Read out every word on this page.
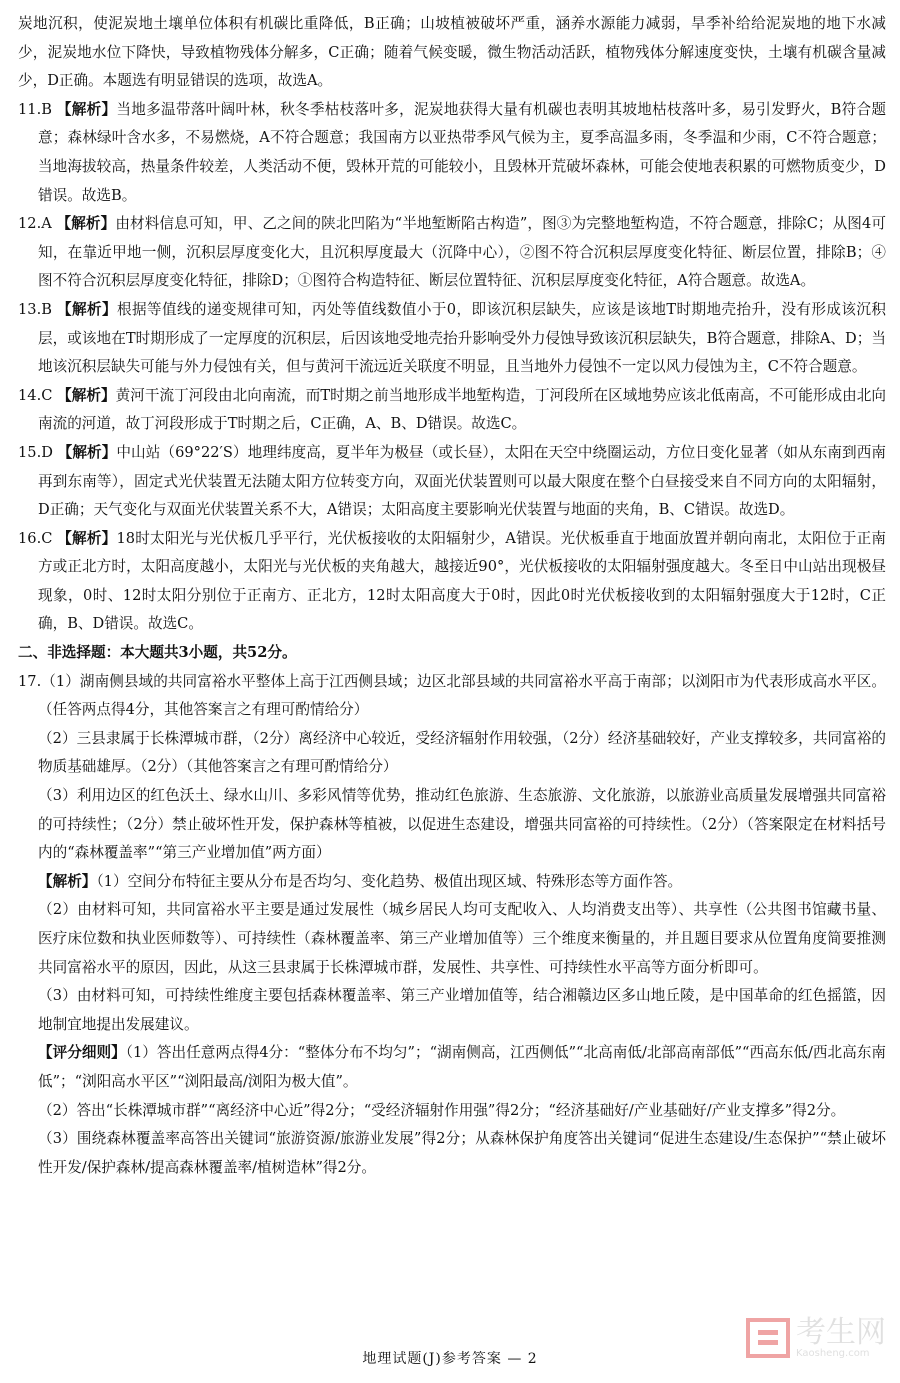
炭地沉积，使泥炭地土壤单位体积有机碳比重降低，B正确；山坡植被破坏严重，涵养水源能力减弱，旱季补给给泥炭地的地下水减少，泥炭地水位下降快，导致植物残体分解多，C正确；随着气候变暖，微生物活动活跃，植物残体分解速度变快，土壤有机碳含量减少，D正确。本题选有明显错误的选项，故选A。

11.B 【解析】当地多温带落叶阔叶林，秋冬季枯枝落叶多，泥炭地获得大量有机碳也表明其坡地枯枝落叶多，易引发野火，B符合题意；森林绿叶含水多，不易燃烧，A不符合题意；我国南方以亚热带季风气候为主，夏季高温多雨，冬季温和少雨，C不符合题意；当地海拔较高，热量条件较差，人类活动不便，毁林开荒的可能较小，且毁林开荒破坏森林，可能会使地表积累的可燃物质变少，D错误。故选B。

12.A 【解析】由材料信息可知，甲、乙之间的陕北凹陷为“半地堑断陷古构造”，图③为完整地堑构造，不符合题意，排除C；从图4可知，在靠近甲地一侧，沉积层厚度变化大，且沉积厚度最大（沉降中心），②图不符合沉积层厚度变化特征、断层位置，排除B；④图不符合沉积层厚度变化特征，排除D；①图符合构造特征、断层位置特征、沉积层厚度变化特征，A符合题意。故选A。

13.B 【解析】根据等值线的递变规律可知，丙处等值线数值小于0，即该沉积层缺失，应该是该地T时期地壳抬升，没有形成该沉积层，或该地在T时期形成了一定厚度的沉积层，后因该地受地壳抬升影响受外力侵蚀导致该沉积层缺失，B符合题意，排除A、D；当地该沉积层缺失可能与外力侵蚀有关，但与黄河干流远近关联度不明显，且当地外力侵蚀不一定以风力侵蚀为主，C不符合题意。

14.C 【解析】黄河干流丁河段由北向南流，而T时期之前当地形成半地堑构造，丁河段所在区域地势应该北低南高，不可能形成由北向南流的河道，故丁河段形成于T时期之后，C正确，A、B、D错误。故选C。

15.D 【解析】中山站（69°22′S）地理纬度高，夏半年为极昼（或长昼），太阳在天空中绕圈运动，方位日变化显著（如从东南到西南再到东南等），固定式光伏装置无法随太阳方位转变方向，双面光伏装置则可以最大限度在整个白昼接受来自不同方向的太阳辐射，D正确；天气变化与双面光伏装置关系不大，A错误；太阳高度主要影响光伏装置与地面的夹角，B、C错误。故选D。

16.C 【解析】18时太阳光与光伏板几乎平行，光伏板接收的太阳辐射少，A错误。光伏板垂直于地面放置并朝向南北，太阳位于正南方或正北方时，太阳高度越小，太阳光与光伏板的夹角越大，越接近90°，光伏板接收的太阳辐射强度越大。冬至日中山站出现极昼现象，0时、12时太阳分别位于正南方、正北方，12时太阳高度大于0时，因此0时光伏板接收到的太阳辐射强度大于12时，C正确，B、D错误。故选C。

二、非选择题：本大题共3小题，共52分。

17.（1）湖南侧县域的共同富裕水平整体上高于江西侧县域；边区北部县域的共同富裕水平高于南部；以浏阳市为代表形成高水平区。（任答两点得4分，其他答案言之有理可酌情给分）

（2）三县隶属于长株潭城市群，（2分）离经济中心较近，受经济辐射作用较强，（2分）经济基础较好，产业支撑较多，共同富裕的物质基础雄厚。（2分）（其他答案言之有理可酌情给分）

（3）利用边区的红色沃土、绿水山川、多彩风情等优势，推动红色旅游、生态旅游、文化旅游，以旅游业高质量发展增强共同富裕的可持续性；（2分）禁止破坏性开发，保护森林等植被，以促进生态建设，增强共同富裕的可持续性。（2分）（答案限定在材料括号内的“森林覆盖率”“第三产业增加值”两方面）

【解析】（1）空间分布特征主要从分布是否均匀、变化趋势、极值出现区域、特殊形态等方面作答。

（2）由材料可知，共同富裕水平主要是通过发展性（城乡居民人均可支配收入、人均消费支出等）、共享性（公共图书馆藏书量、医疗床位数和执业医师数等）、可持续性（森林覆盖率、第三产业增加值等）三个维度来衡量的，并且题目要求从位置角度简要推测共同富裕水平的原因，因此，从这三县隶属于长株潭城市群，发展性、共享性、可持续性水平高等方面分析即可。

（3）由材料可知，可持续性维度主要包括森林覆盖率、第三产业增加值等，结合湘赣边区多山地丘陵，是中国革命的红色摇篮，因地制宜地提出发展建议。

【评分细则】（1）答出任意两点得4分：“整体分布不均匀”；“湖南侧高，江西侧低”“北高南低/北部高南部低”“西高东低/西北高东南低”；“浏阳高水平区”“浏阳最高/浏阳为极大值”。

（2）答出“长株潭城市群”“离经济中心近”得2分；“受经济辐射作用强”得2分；“经济基础好/产业基础好/产业支撑多”得2分。

（3）围绕森林覆盖率高答出关键词“旅游资源/旅游业发展”得2分；从森林保护角度答出关键词“促进生态建设/生态保护”“禁止破坏性开发/保护森林/提高森林覆盖率/植树造林”得2分。

地理试题(J)参考答案 — 2
考生网
Kaosheng.com
